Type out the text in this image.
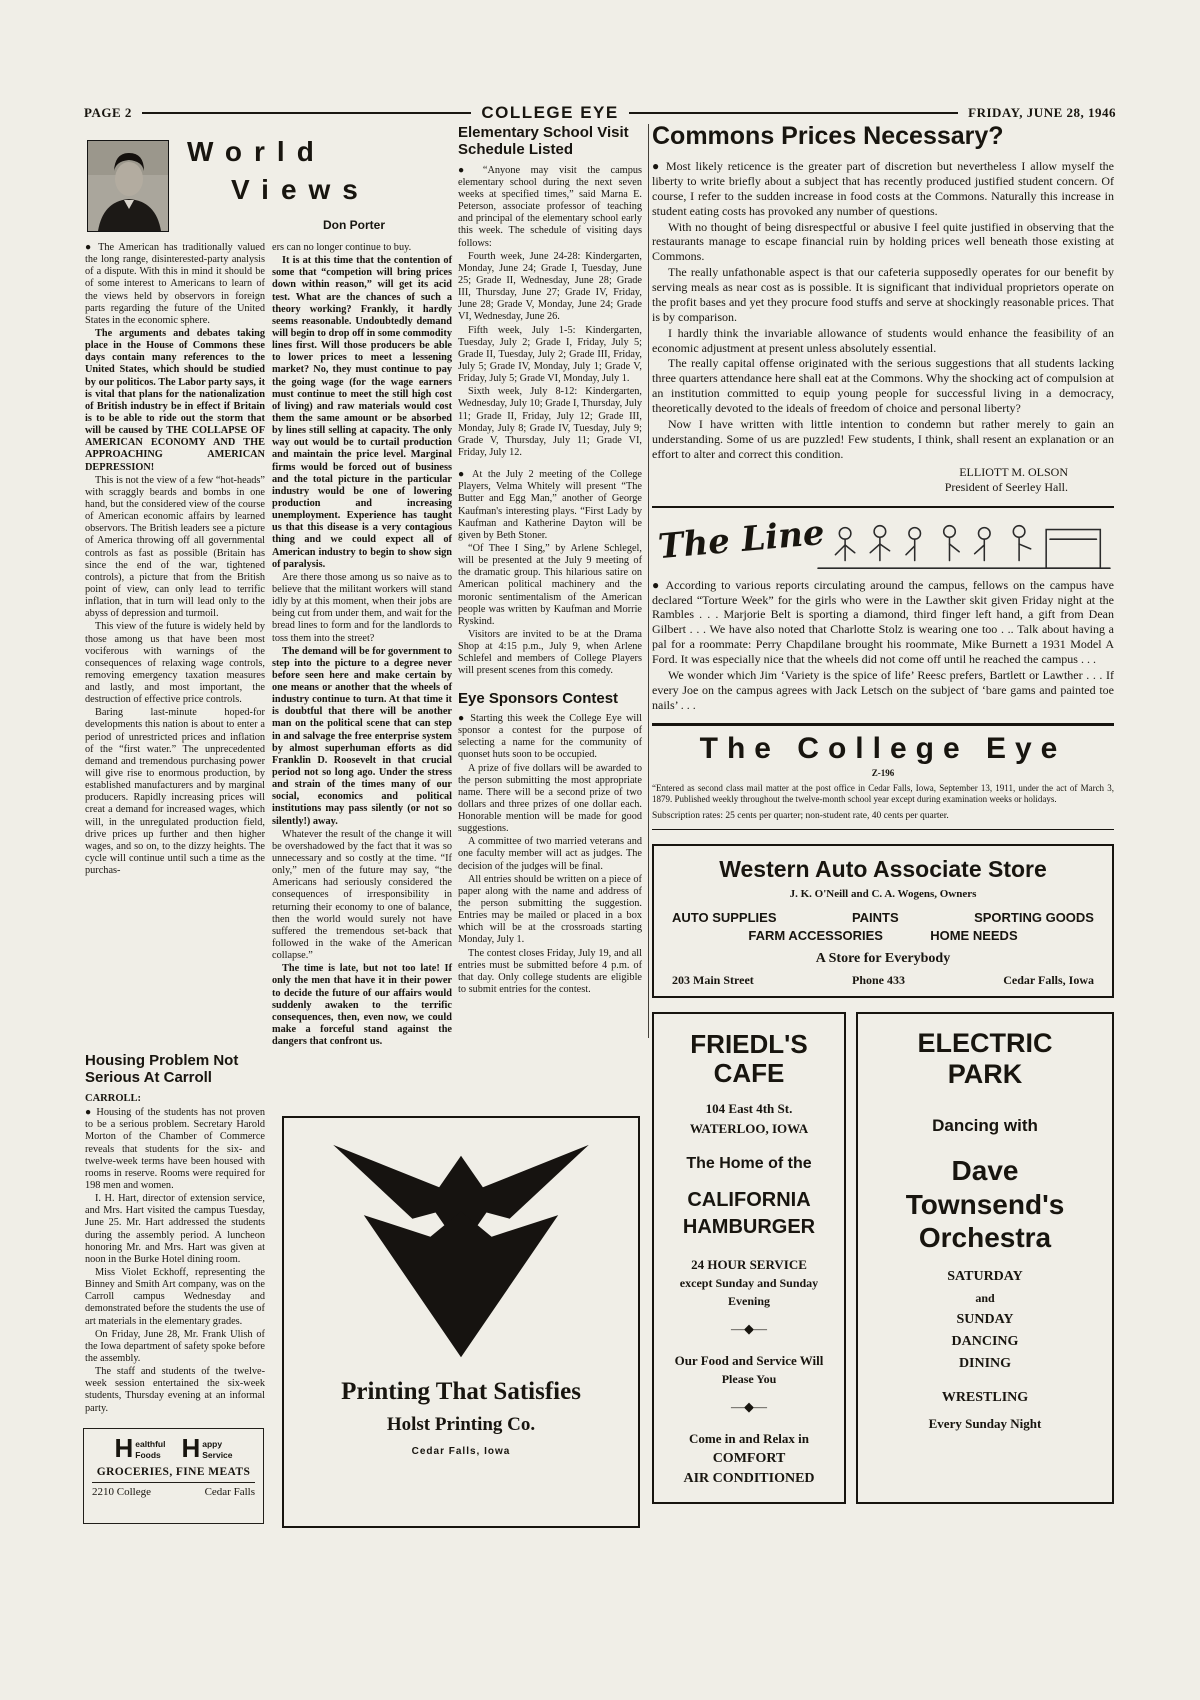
PAGE 2	COLLEGE EYE	FRIDAY, JUNE 28, 1946
World
Views
Don Porter

● The American has traditionally valued the long range, disinterested-party analysis of a dispute. With this in mind it should be of some interest to Americans to learn of the views held by observors in foreign parts regarding the future of the United States in the economic sphere.

The arguments and debates taking place in the House of Commons these days contain many references to the United States, which should be studied by our politicos. The Labor party says, it is vital that plans for the nationalization of British industry be in effect if Britain is to be able to ride out the storm that will be caused by THE COLLAPSE OF AMERICAN ECONOMY AND THE APPROACHING AMERICAN DEPRESSION!

This is not the view of a few “hot-heads” with scraggly beards and bombs in one hand, but the considered view of the course of American economic affairs by learned observors. The British leaders see a picture of America throwing off all governmental controls as fast as possible (Britain has since the end of the war, tightened controls), a picture that from the British point of view, can only lead to terrific inflation, that in turn will lead only to the abyss of depression and turmoil.

This view of the future is widely held by those among us that have been most vociferous with warnings of the consequences of relaxing wage controls, removing emergency taxation measures and lastly, and most important, the destruction of effective price controls.

Baring last-minute hoped-for developments this nation is about to enter a period of unrestricted prices and inflation of the “first water.” The unprecedented demand and tremendous purchasing power will give rise to enormous production, by established manufacturers and by marginal producers. Rapidly increasing prices will creat a demand for increased wages, which will, in the unregulated production field, drive prices up further and then higher wages, and so on, to the dizzy heights. The cycle will continue until such a time as the purchas-

Housing Problem Not Serious At Carroll
CARROLL:

● Housing of the students has not proven to be a serious problem. Secretary Harold Morton of the Chamber of Commerce reveals that students for the six- and twelve-week terms have been housed with rooms in reserve. Rooms were required for 198 men and women.

I. H. Hart, director of extension service, and Mrs. Hart visited the campus Tuesday, June 25. Mr. Hart addressed the students during the assembly period. A luncheon honoring Mr. and Mrs. Hart was given at noon in the Burke Hotel dining room.

Miss Violet Eckhoff, representing the Binney and Smith Art company, was on the Carroll campus Wednesday and demonstrated before the students the use of art materials in the elementary grades.

On Friday, June 28, Mr. Frank Ulish of the Iowa department of safety spoke before the assembly.

The staff and students of the twelve-week session entertained the six-week students, Thursday evening at an informal party.

H ealthful
Foods H appy
Service
GROCERIES, FINE MEATS
2210 College	Cedar Falls

ers can no longer continue to buy.

It is at this time that the contention of some that “competion will bring prices down within reason,” will get its acid test. What are the chances of such a theory working? Frankly, it hardly seems reasonable. Undoubtedly demand will begin to drop off in some commodity lines first. Will those producers be able to lower prices to meet a lessening market? No, they must continue to pay the going wage (for the wage earners must continue to meet the still high cost of living) and raw materials would cost them the same amount or be absorbed by lines still selling at capacity. The only way out would be to curtail production and maintain the price level. Marginal firms would be forced out of business and the total picture in the particular industry would be one of lowering production and increasing unemployment. Experience has taught us that this disease is a very contagious thing and we could expect all of American industry to begin to show sign of paralysis.

Are there those among us so naive as to believe that the militant workers will stand idly by at this moment, when their jobs are being cut from under them, and wait for the bread lines to form and for the landlords to toss them into the street?

The demand will be for government to step into the picture to a degree never before seen here and make certain by one means or another that the wheels of industry continue to turn. At that time it is doubtful that there will be another man on the political scene that can step in and salvage the free enterprise system by almost superhuman efforts as did Franklin D. Roosevelt in that crucial period not so long ago. Under the stress and strain of the times many of our social, economics and political institutions may pass silently (or not so silently!) away.

Whatever the result of the change it will be overshadowed by the fact that it was so unnecessary and so costly at the time. “If only,” men of the future may say, “the Americans had seriously considered the consequences of irresponsibility in returning their economy to one of balance, then the world would surely not have suffered the tremendous set-back that followed in the wake of the American collapse.”

The time is late, but not too late! If only the men that have it in their power to decide the future of our affairs would suddenly awaken to the terrific consequences, then, even now, we could make a forceful stand against the dangers that confront us.

Printing That Satisfies
Holst Printing Co.
Cedar Falls, Iowa
Elementary School Visit Schedule Listed

● “Anyone may visit the campus elementary school during the next seven weeks at specified times,” said Marna E. Peterson, associate professor of teaching and principal of the elementary school early this week. The schedule of visiting days follows:

Fourth week, June 24-28: Kindergarten, Monday, June 24; Grade I, Tuesday, June 25; Grade II, Wednesday, June 28; Grade III, Thursday, June 27; Grade IV, Friday, June 28; Grade V, Monday, June 24; Grade VI, Wednesday, June 26.

Fifth week, July 1-5: Kindergarten, Tuesday, July 2; Grade I, Friday, July 5; Grade II, Tuesday, July 2; Grade III, Friday, July 5; Grade IV, Monday, July 1; Grade V, Friday, July 5; Grade VI, Monday, July 1.

Sixth week, July 8-12: Kindergarten, Wednesday, July 10; Grade I, Thursday, July 11; Grade II, Friday, July 12; Grade III, Monday, July 8; Grade IV, Tuesday, July 9; Grade V, Thursday, July 11; Grade VI, Friday, July 12.

● At the July 2 meeting of the College Players, Velma Whitely will present “The Butter and Egg Man,” another of George Kaufman's interesting plays. “First Lady by Kaufman and Katherine Dayton will be given by Beth Stoner.

“Of Thee I Sing,” by Arlene Schlegel, will be presented at the July 9 meeting of the dramatic group. This hilarious satire on American political machinery and the moronic sentimentalism of the American people was written by Kaufman and Morrie Ryskind.

Visitors are invited to be at the Drama Shop at 4:15 p.m., July 9, when Arlene Schlefel and members of College Players will present scenes from this comedy.

Eye Sponsors Contest

● Starting this week the College Eye will sponsor a contest for the purpose of selecting a name for the community of quonset huts soon to be occupied.

A prize of five dollars will be awarded to the person submitting the most appropriate name. There will be a second prize of two dollars and three prizes of one dollar each. Honorable mention will be made for good suggestions.

A committee of two married veterans and one faculty member will act as judges. The decision of the judges will be final.

All entries should be written on a piece of paper along with the name and address of the person submitting the suggestion. Entries may be mailed or placed in a box which will be at the crossroads starting Monday, July 1.

The contest closes Friday, July 19, and all entries must be submitted before 4 p.m. of that day. Only college students are eligible to submit entries for the contest.

Commons Prices Necessary?

● Most likely reticence is the greater part of discretion but nevertheless I allow myself the liberty to write briefly about a subject that has recently produced justified student concern. Of course, I refer to the sudden increase in food costs at the Commons. Naturally this increase in student eating costs has provoked any number of questions.

With no thought of being disrespectful or abusive I feel quite justified in observing that the restaurants manage to escape financial ruin by holding prices well beneath those existing at Commons.

The really unfathonable aspect is that our cafeteria supposedly operates for our benefit by serving meals as near cost as is possible. It is significant that individual proprietors operate on the profit bases and yet they procure food stuffs and serve at shockingly reasonable prices. That is by comparison.

I hardly think the invariable allowance of students would enhance the feasibility of an economic adjustment at present unless absolutely essential.

The really capital offense originated with the serious suggestions that all students lacking three quarters attendance here shall eat at the Commons. Why the shocking act of compulsion at an institution committed to equip young people for successful living in a democracy, theoretically devoted to the ideals of freedom of choice and personal liberty?

Now I have written with little intention to condemn but rather merely to gain an understanding. Some of us are puzzled! Few students, I think, shall resent an explanation or an effort to alter and correct this condition.

ELLIOTT M. OLSON
President of Seerley Hall.
The Line

● According to various reports circulating around the campus, fellows on the campus have declared “Torture Week” for the girls who were in the Lawther skit given Friday night at the Rambles . . . Marjorie Belt is sporting a diamond, third finger left hand, a gift from Dean Gilbert . . . We have also noted that Charlotte Stolz is wearing one too . .. Talk about having a pal for a roommate: Perry Chapdilane brought his roommate, Mike Burnett a 1931 Model A Ford. It was especially nice that the wheels did not come off until he reached the campus . . .

We wonder which Jim ‘Variety is the spice of life’ Reesc prefers, Bartlett or Lawther . . . If every Joe on the campus agrees with Jack Letsch on the subject of ‘bare gams and painted toe nails’ . . .

The College Eye
Z-196
“Entered as second class mail matter at the post office in Cedar Falls, Iowa, September 13, 1911, under the act of March 3, 1879. Published weekly throughout the twelve-month school year except during examination weeks or holidays.
Subscription rates: 25 cents per quarter; non-student rate, 40 cents per quarter.
Western Auto Associate Store
J. K. O'Neill and C. A. Wogens, Owners
AUTO SUPPLIES	PAINTS	SPORTING GOODS
FARM ACCESSORIES	HOME NEEDS
A Store for Everybody
203 Main Street	Phone 433	Cedar Falls, Iowa
FRIEDL'S
CAFE
104 East 4th St.
WATERLOO, IOWA
The Home of the
CALIFORNIA
HAMBURGER
24 HOUR SERVICE
except Sunday and Sunday
Evening
—◆—
Our Food and Service Will
Please You
—◆—
Come in and Relax in
COMFORT
AIR CONDITIONED
ELECTRIC
PARK
Dancing with
Dave
Townsend's
Orchestra

SATURDAY

and

SUNDAY

DANCING

DINING

WRESTLING
Every Sunday Night
